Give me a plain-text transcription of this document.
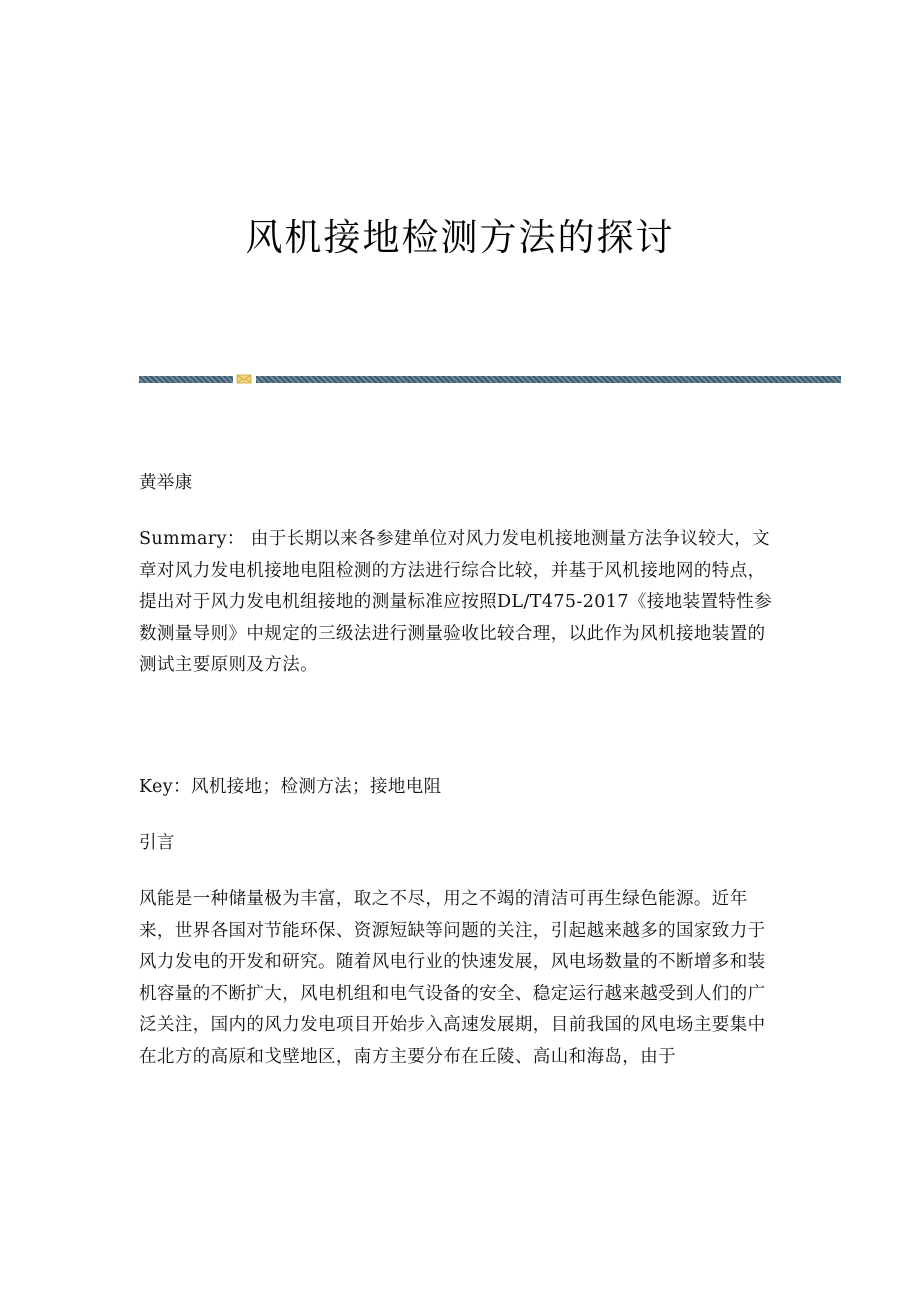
风机接地检测方法的探讨

黄举康

Summary： 由于长期以来各参建单位对风力发电机接地测量方法争议较大，文章对风力发电机接地电阻检测的方法进行综合比较，并基于风机接地网的特点，提出对于风力发电机组接地的测量标准应按照DL/T475-2017《接地装置特性参数测量导则》中规定的三级法进行测量验收比较合理，以此作为风机接地装置的测试主要原则及方法。

Key：风机接地；检测方法；接地电阻

引言

风能是一种储量极为丰富，取之不尽，用之不竭的清洁可再生绿色能源。近年来，世界各国对节能环保、资源短缺等问题的关注，引起越来越多的国家致力于风力发电的开发和研究。随着风电行业的快速发展，风电场数量的不断增多和装机容量的不断扩大，风电机组和电气设备的安全、稳定运行越来越受到人们的广泛关注，国内的风力发电项目开始步入高速发展期，目前我国的风电场主要集中在北方的高原和戈壁地区，南方主要分布在丘陵、高山和海岛，由于
